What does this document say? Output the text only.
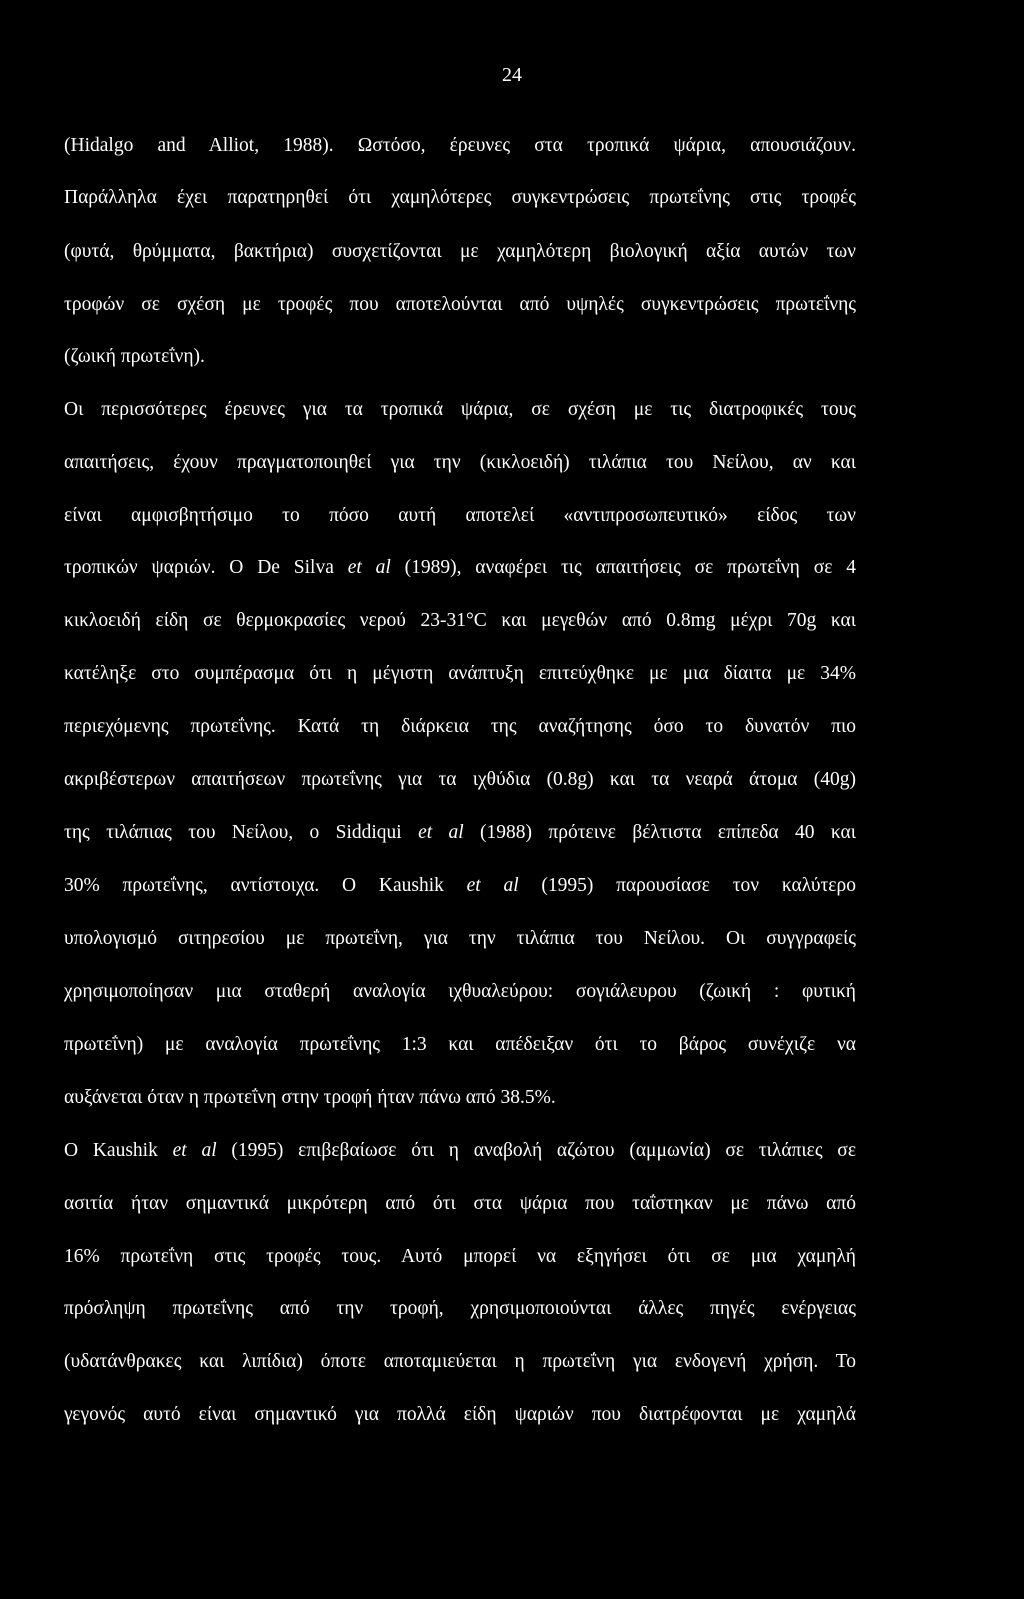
24
(Hidalgo and Alliot, 1988). Ωστόσο, έρευνες στα τροπικά ψάρια, απουσιάζουν.
Παράλληλα έχει παρατηρηθεί ότι χαμηλότερες συγκεντρώσεις πρωτεΐνης στις τροφές
(φυτά, θρύμματα, βακτήρια) συσχετίζονται με χαμηλότερη βιολογική αξία αυτών των
τροφών σε σχέση με τροφές που αποτελούνται από υψηλές συγκεντρώσεις πρωτεΐνης
(ζωική πρωτεΐνη).
Οι περισσότερες έρευνες για τα τροπικά ψάρια, σε σχέση με τις διατροφικές τους
απαιτήσεις, έχουν πραγματοποιηθεί για την (κικλοειδή) τιλάπια του Νείλου, αν και
είναι αμφισβητήσιμο το πόσο αυτή αποτελεί «αντιπροσωπευτικό» είδος των
τροπικών ψαριών. Ο De Silva et al (1989), αναφέρει τις απαιτήσεις σε πρωτεΐνη σε 4
κικλοειδή είδη σε θερμοκρασίες νερού 23-31°C και μεγεθών από 0.8mg μέχρι 70g και
κατέληξε στο συμπέρασμα ότι η μέγιστη ανάπτυξη επιτεύχθηκε με μια δίαιτα με 34%
περιεχόμενης πρωτεΐνης. Κατά τη διάρκεια της αναζήτησης όσο το δυνατόν πιο
ακριβέστερων απαιτήσεων πρωτεΐνης για τα ιχθύδια (0.8g) και τα νεαρά άτομα (40g)
της τιλάπιας του Νείλου, ο Siddiqui et al (1988) πρότεινε βέλτιστα επίπεδα 40 και
30% πρωτεΐνης, αντίστοιχα. Ο Kaushik et al (1995) παρουσίασε τον καλύτερο
υπολογισμό σιτηρεσίου με πρωτεΐνη, για την τιλάπια του Νείλου. Οι συγγραφείς
χρησιμοποίησαν μια σταθερή αναλογία ιχθυαλεύρου: σογιάλευρου (ζωική : φυτική
πρωτεΐνη) με αναλογία πρωτεΐνης 1:3 και απέδειξαν ότι το βάρος συνέχιζε να
αυξάνεται όταν η πρωτεΐνη στην τροφή ήταν πάνω από 38.5%.
Ο Kaushik et al (1995) επιβεβαίωσε ότι η αναβολή αζώτου (αμμωνία) σε τιλάπιες σε
ασιτία ήταν σημαντικά μικρότερη από ότι στα ψάρια που ταΐστηκαν με πάνω από
16% πρωτεΐνη στις τροφές τους. Αυτό μπορεί να εξηγήσει ότι σε μια χαμηλή
πρόσληψη πρωτεΐνης από την τροφή, χρησιμοποιούνται άλλες πηγές ενέργειας
(υδατάνθρακες και λιπίδια) όποτε αποταμιεύεται η πρωτεΐνη για ενδογενή χρήση. Το
γεγονός αυτό είναι σημαντικό για πολλά είδη ψαριών που διατρέφονται με χαμηλά
